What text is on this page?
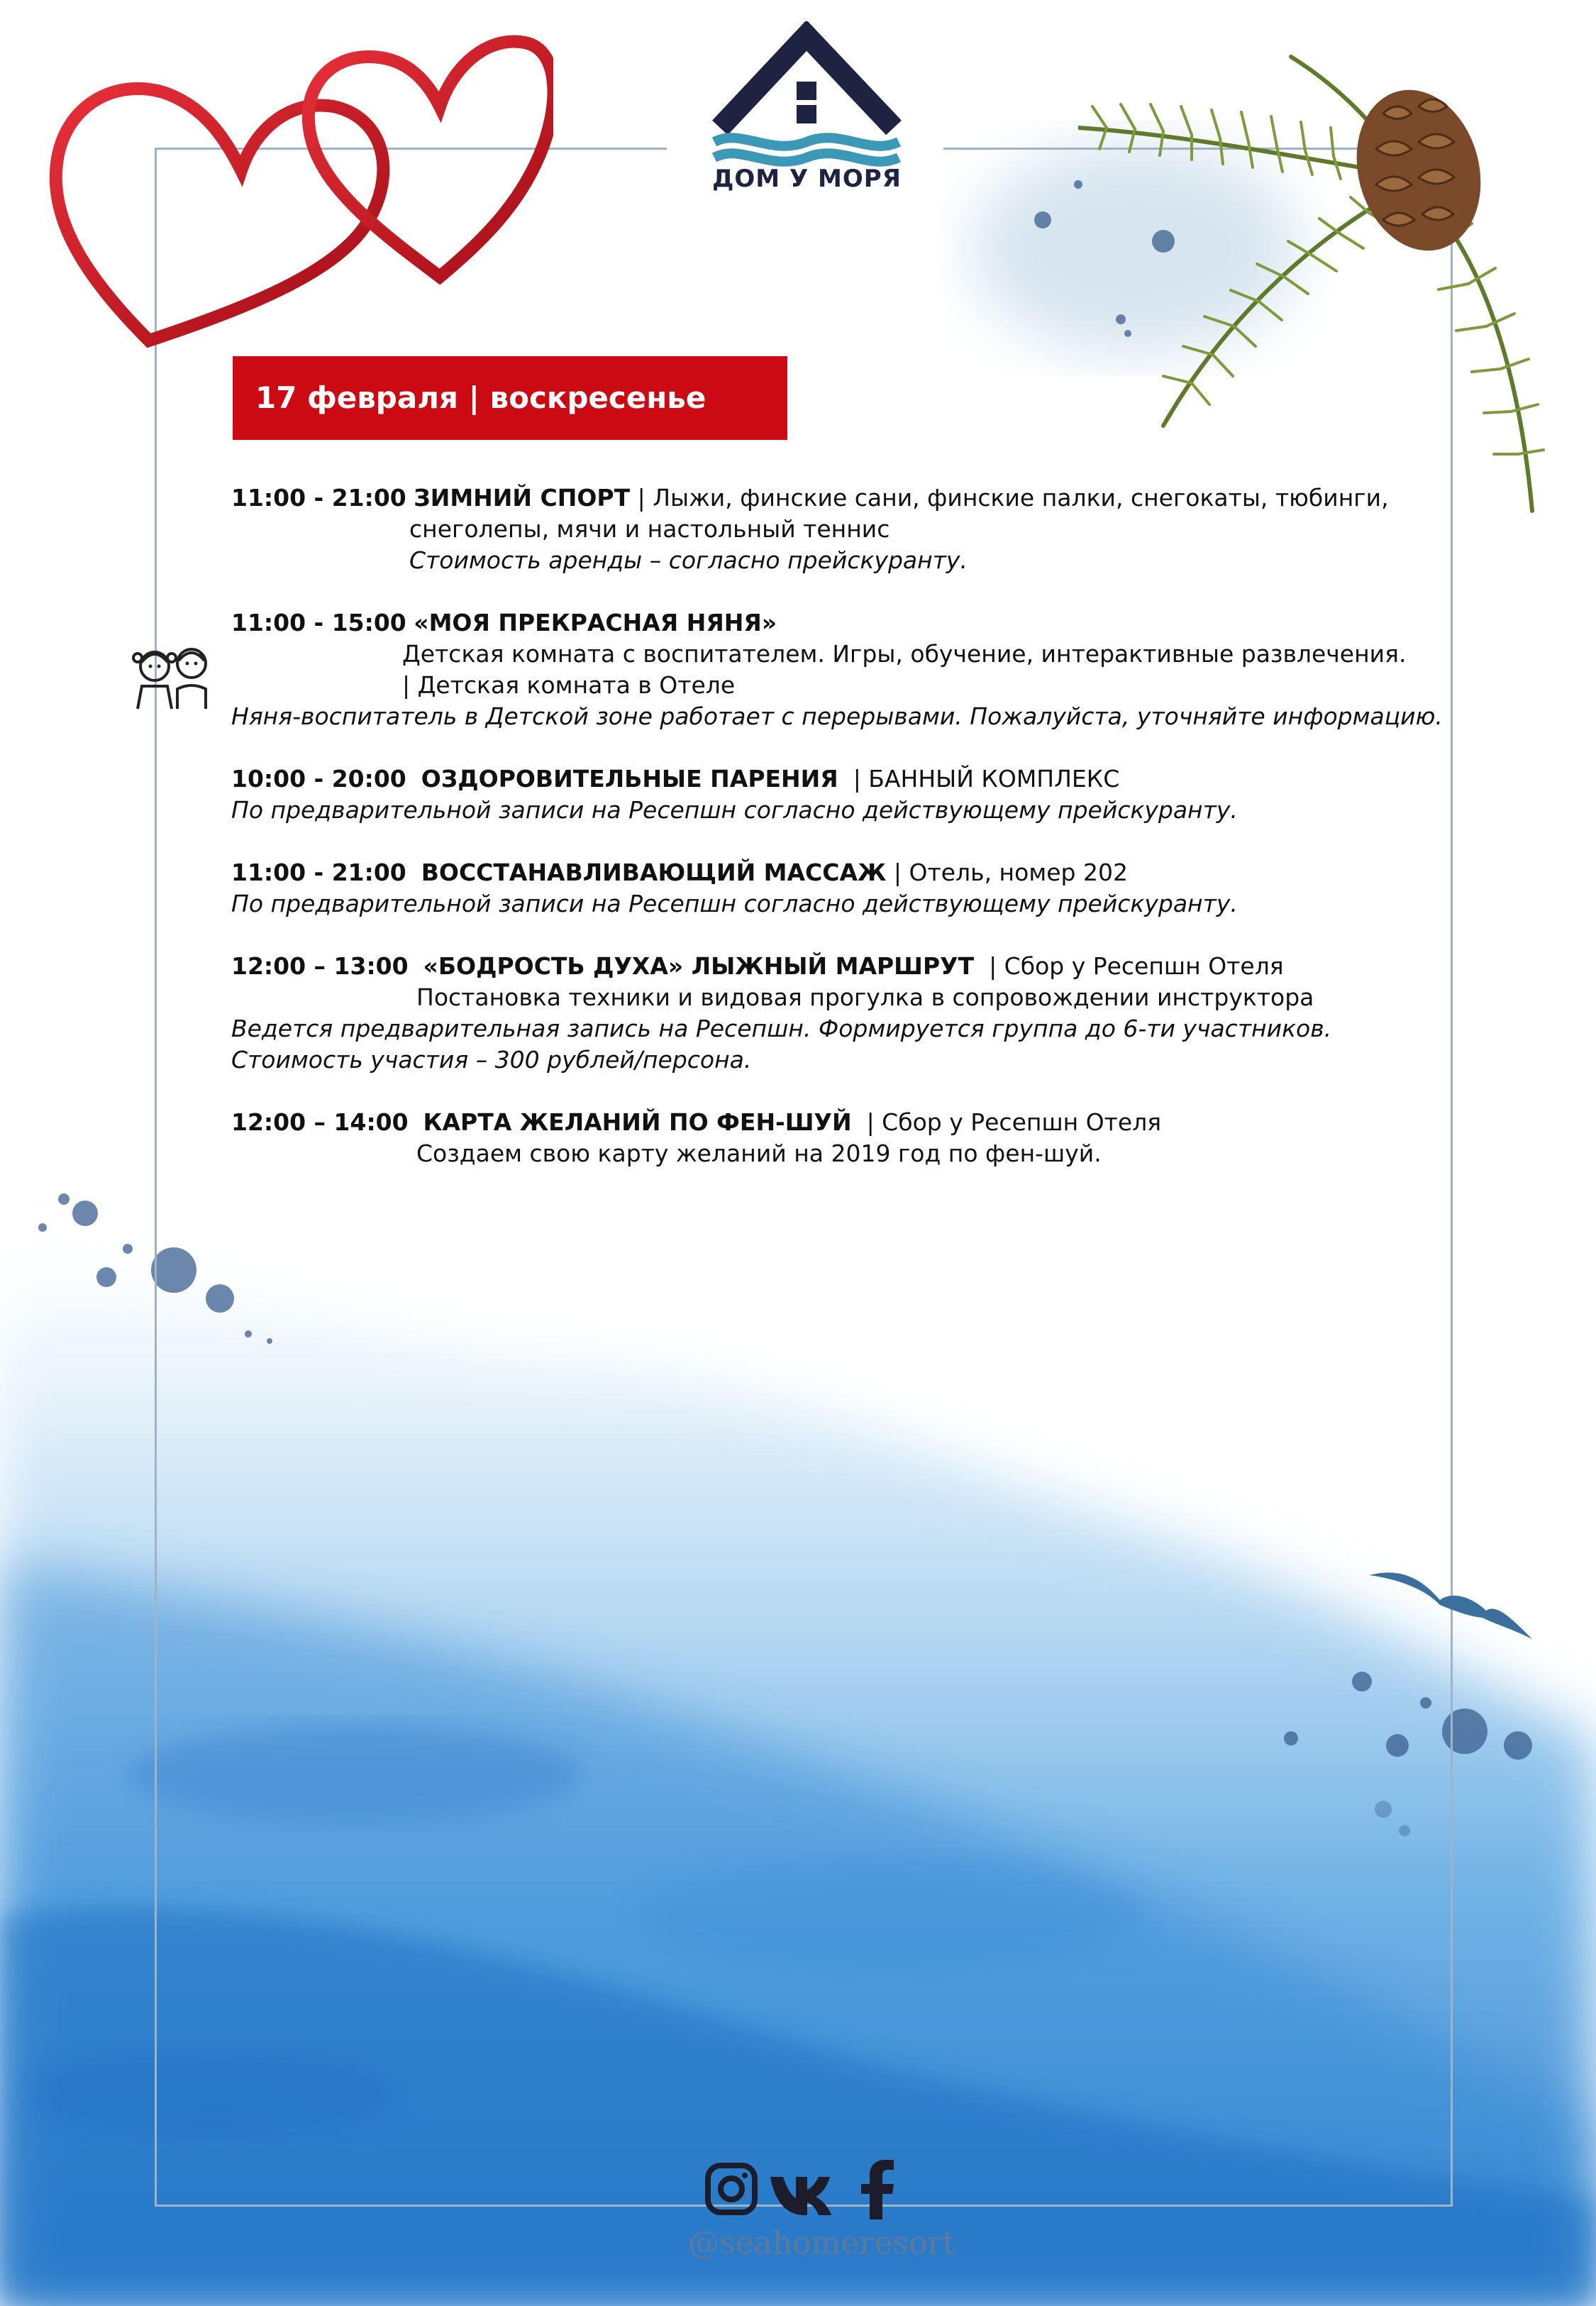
ДОМ У МОРЯ
17 февраля | воскресенье
11:00 - 21:00 ЗИМНИЙ СПОРТ | Лыжи, финские сани, финские палки, снегокаты, тюбинги,
снеголепы, мячи и настольный теннис
Стоимость аренды – согласно прейскуранту.
11:00 - 15:00 «МОЯ ПРЕКРАСНАЯ НЯНЯ»
Детская комната с воспитателем. Игры, обучение, интерактивные развлечения.
| Детская комната в Отеле
Няня-воспитатель в Детской зоне работает с перерывами. Пожалуйста, уточняйте информацию.
10:00 - 20:00 ОЗДОРОВИТЕЛЬНЫЕ ПАРЕНИЯ | БАННЫЙ КОМПЛЕКС
По предварительной записи на Ресепшн согласно действующему прейскуранту.
11:00 - 21:00 ВОССТАНАВЛИВАЮЩИЙ МАССАЖ | Отель, номер 202
По предварительной записи на Ресепшн согласно действующему прейскуранту.
12:00 – 13:00 «БОДРОСТЬ ДУХА» ЛЫЖНЫЙ МАРШРУТ | Сбор у Ресепшн Отеля
Постановка техники и видовая прогулка в сопровождении инструктора
Ведется предварительная запись на Ресепшн. Формируется группа до 6-ти участников.
Стоимость участия – 300 рублей/персона.
12:00 – 14:00 КАРТА ЖЕЛАНИЙ ПО ФЕН-ШУЙ | Сбор у Ресепшн Отеля
Создаем свою карту желаний на 2019 год по фен-шуй.
@seahomeresort
